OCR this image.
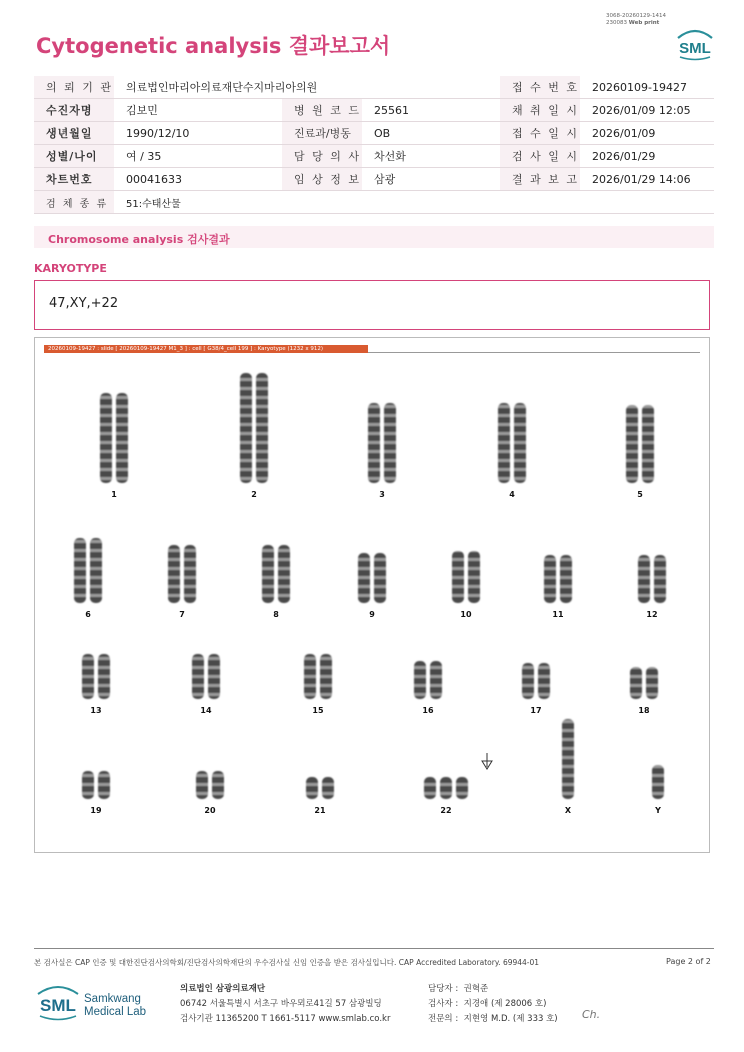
3068-20260129-1414
230083 Web print
Cytogenetic analysis 결과보고서	SML
의 뢰 기 관	의료법인마리아의료재단수지마리아의원			접 수 번 호	20260109-19427
수진자명	김보민	병 원 코 드	25561	채 취 일 시	2026/01/09 12:05
생년월일	1990/12/10	진료과/병동	OB	접 수 일 시	2026/01/09
성별/나이	여 / 35	담 당 의 사	차선화	검 사 일 시	2026/01/29
차트번호	00041633	임 상 정 보	삼광	결 과 보 고	2026/01/29 14:06
검 체 종 류	51:수태산물				
Chromosome analysis 검사결과
KARYOTYPE
47,XY,+22
20260109-19427 : slide [ 20260109-19427 M1_3 ] : cell [ G38/4_cell 199 ] : Karyotype (1232 x 912)
1	2	3	4	5
6	7	8	9	10	11	12
13	14	15	16	17	18
19	20	21	22	X	Y
본 검사실은 CAP 인증 및 대한진단검사의학회/진단검사의학재단의 우수검사실 신임 인증을 받은 검사실입니다. CAP Accredited Laboratory. 69944-01	Page 2 of 2
SML Samkwang
Medical Lab
의료법인 삼광의료재단
06742 서울특별시 서초구 바우뫼로41길 57 삼광빌딩
검사기관 11365200 T 1661-5117 www.smlab.co.kr
담당자 : 권혁준
검사자 : 지경애 (제 28006 호)
전문의 : 지현영 M.D. (제 333 호) Ch.
